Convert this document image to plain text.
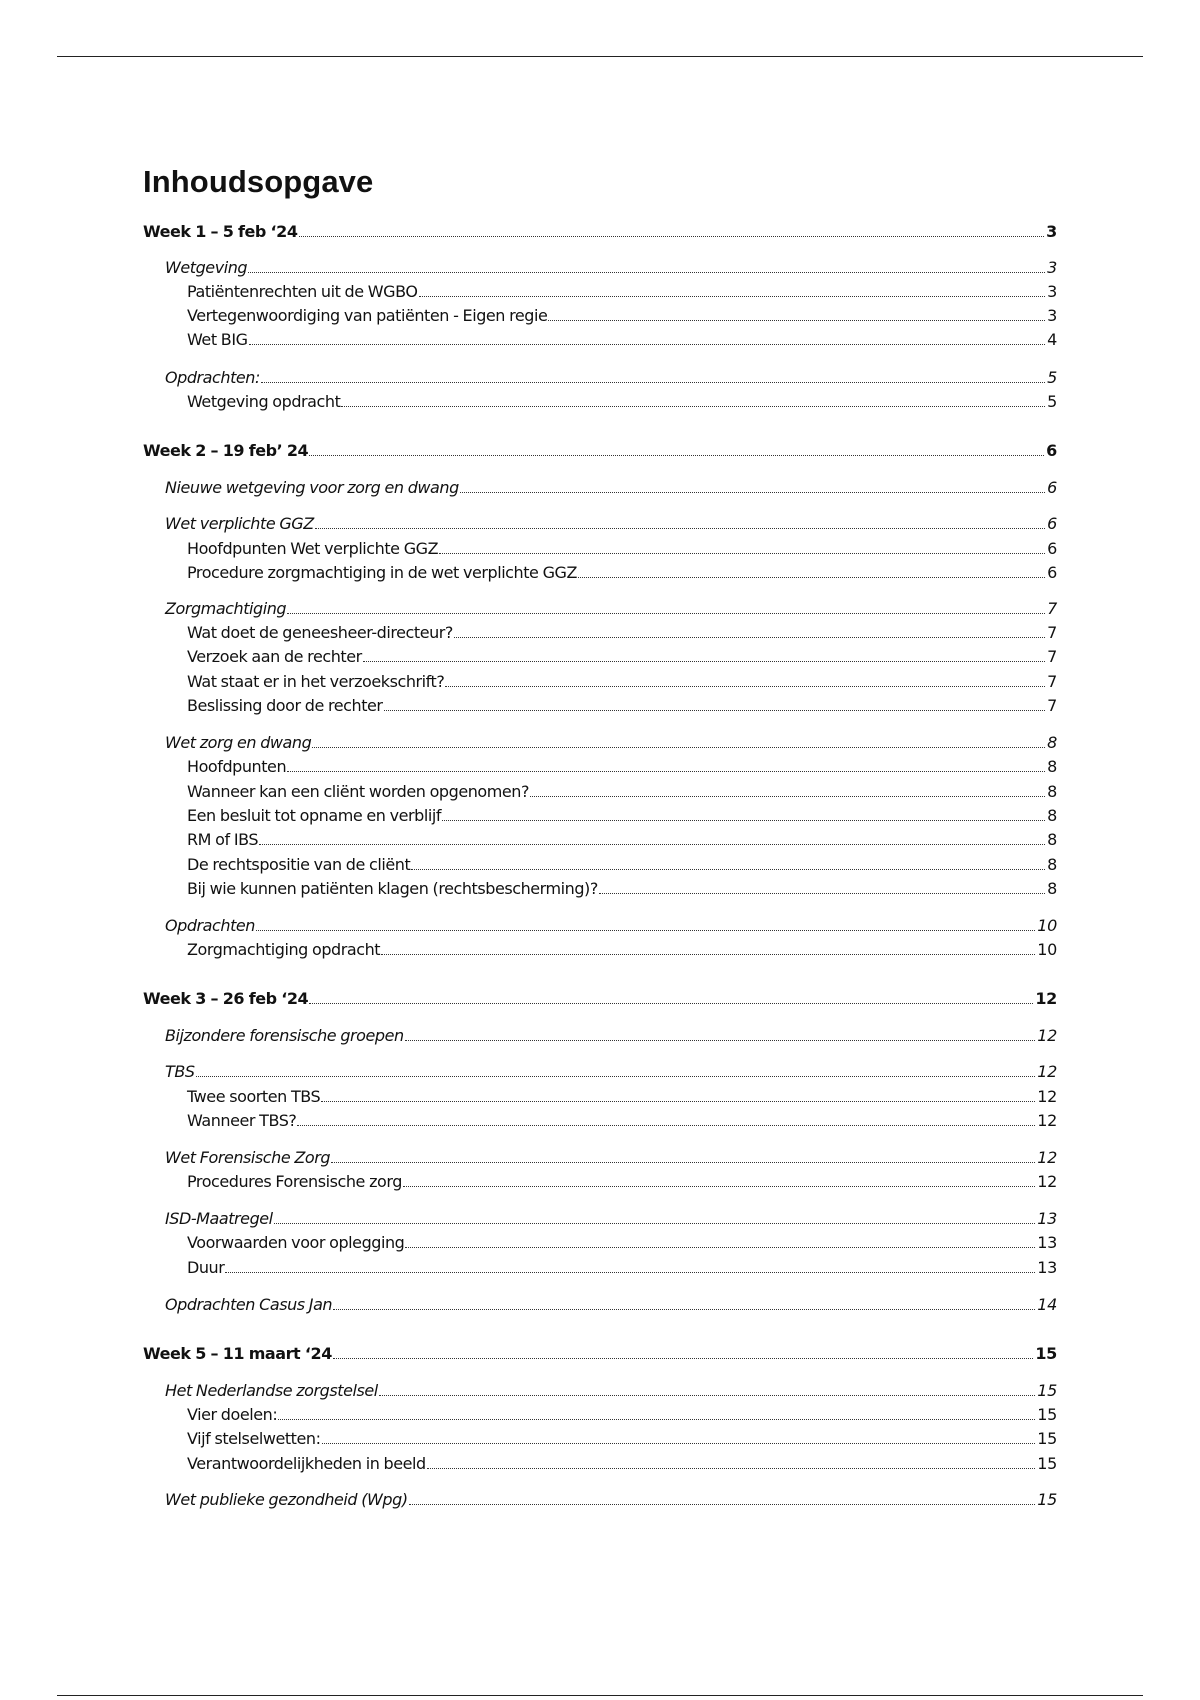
Inhoudsopgave
Week 1 – 5 feb ‘24	3
Wetgeving	3
Patiëntenrechten uit de WGBO	3
Vertegenwoordiging van patiënten - Eigen regie	3
Wet BIG	4
Opdrachten:	5
Wetgeving opdracht	5
Week 2 – 19 feb’ 24	6
Nieuwe wetgeving voor zorg en dwang	6
Wet verplichte GGZ	6
Hoofdpunten Wet verplichte GGZ	6
Procedure zorgmachtiging in de wet verplichte GGZ	6
Zorgmachtiging	7
Wat doet de geneesheer-directeur?	7
Verzoek aan de rechter	7
Wat staat er in het verzoekschrift?	7
Beslissing door de rechter	7
Wet zorg en dwang	8
Hoofdpunten	8
Wanneer kan een cliënt worden opgenomen?	8
Een besluit tot opname en verblijf	8
RM of IBS	8
De rechtspositie van de cliënt	8
Bij wie kunnen patiënten klagen (rechtsbescherming)?	8
Opdrachten	10
Zorgmachtiging opdracht	10
Week 3 – 26 feb ‘24	12
Bijzondere forensische groepen	12
TBS	12
Twee soorten TBS	12
Wanneer TBS?	12
Wet Forensische Zorg	12
Procedures Forensische zorg	12
ISD-Maatregel	13
Voorwaarden voor oplegging	13
Duur	13
Opdrachten Casus Jan	14
Week 5 – 11 maart ‘24	15
Het Nederlandse zorgstelsel	15
Vier doelen:	15
Vijf stelselwetten:	15
Verantwoordelijkheden in beeld	15
Wet publieke gezondheid (Wpg)	15
